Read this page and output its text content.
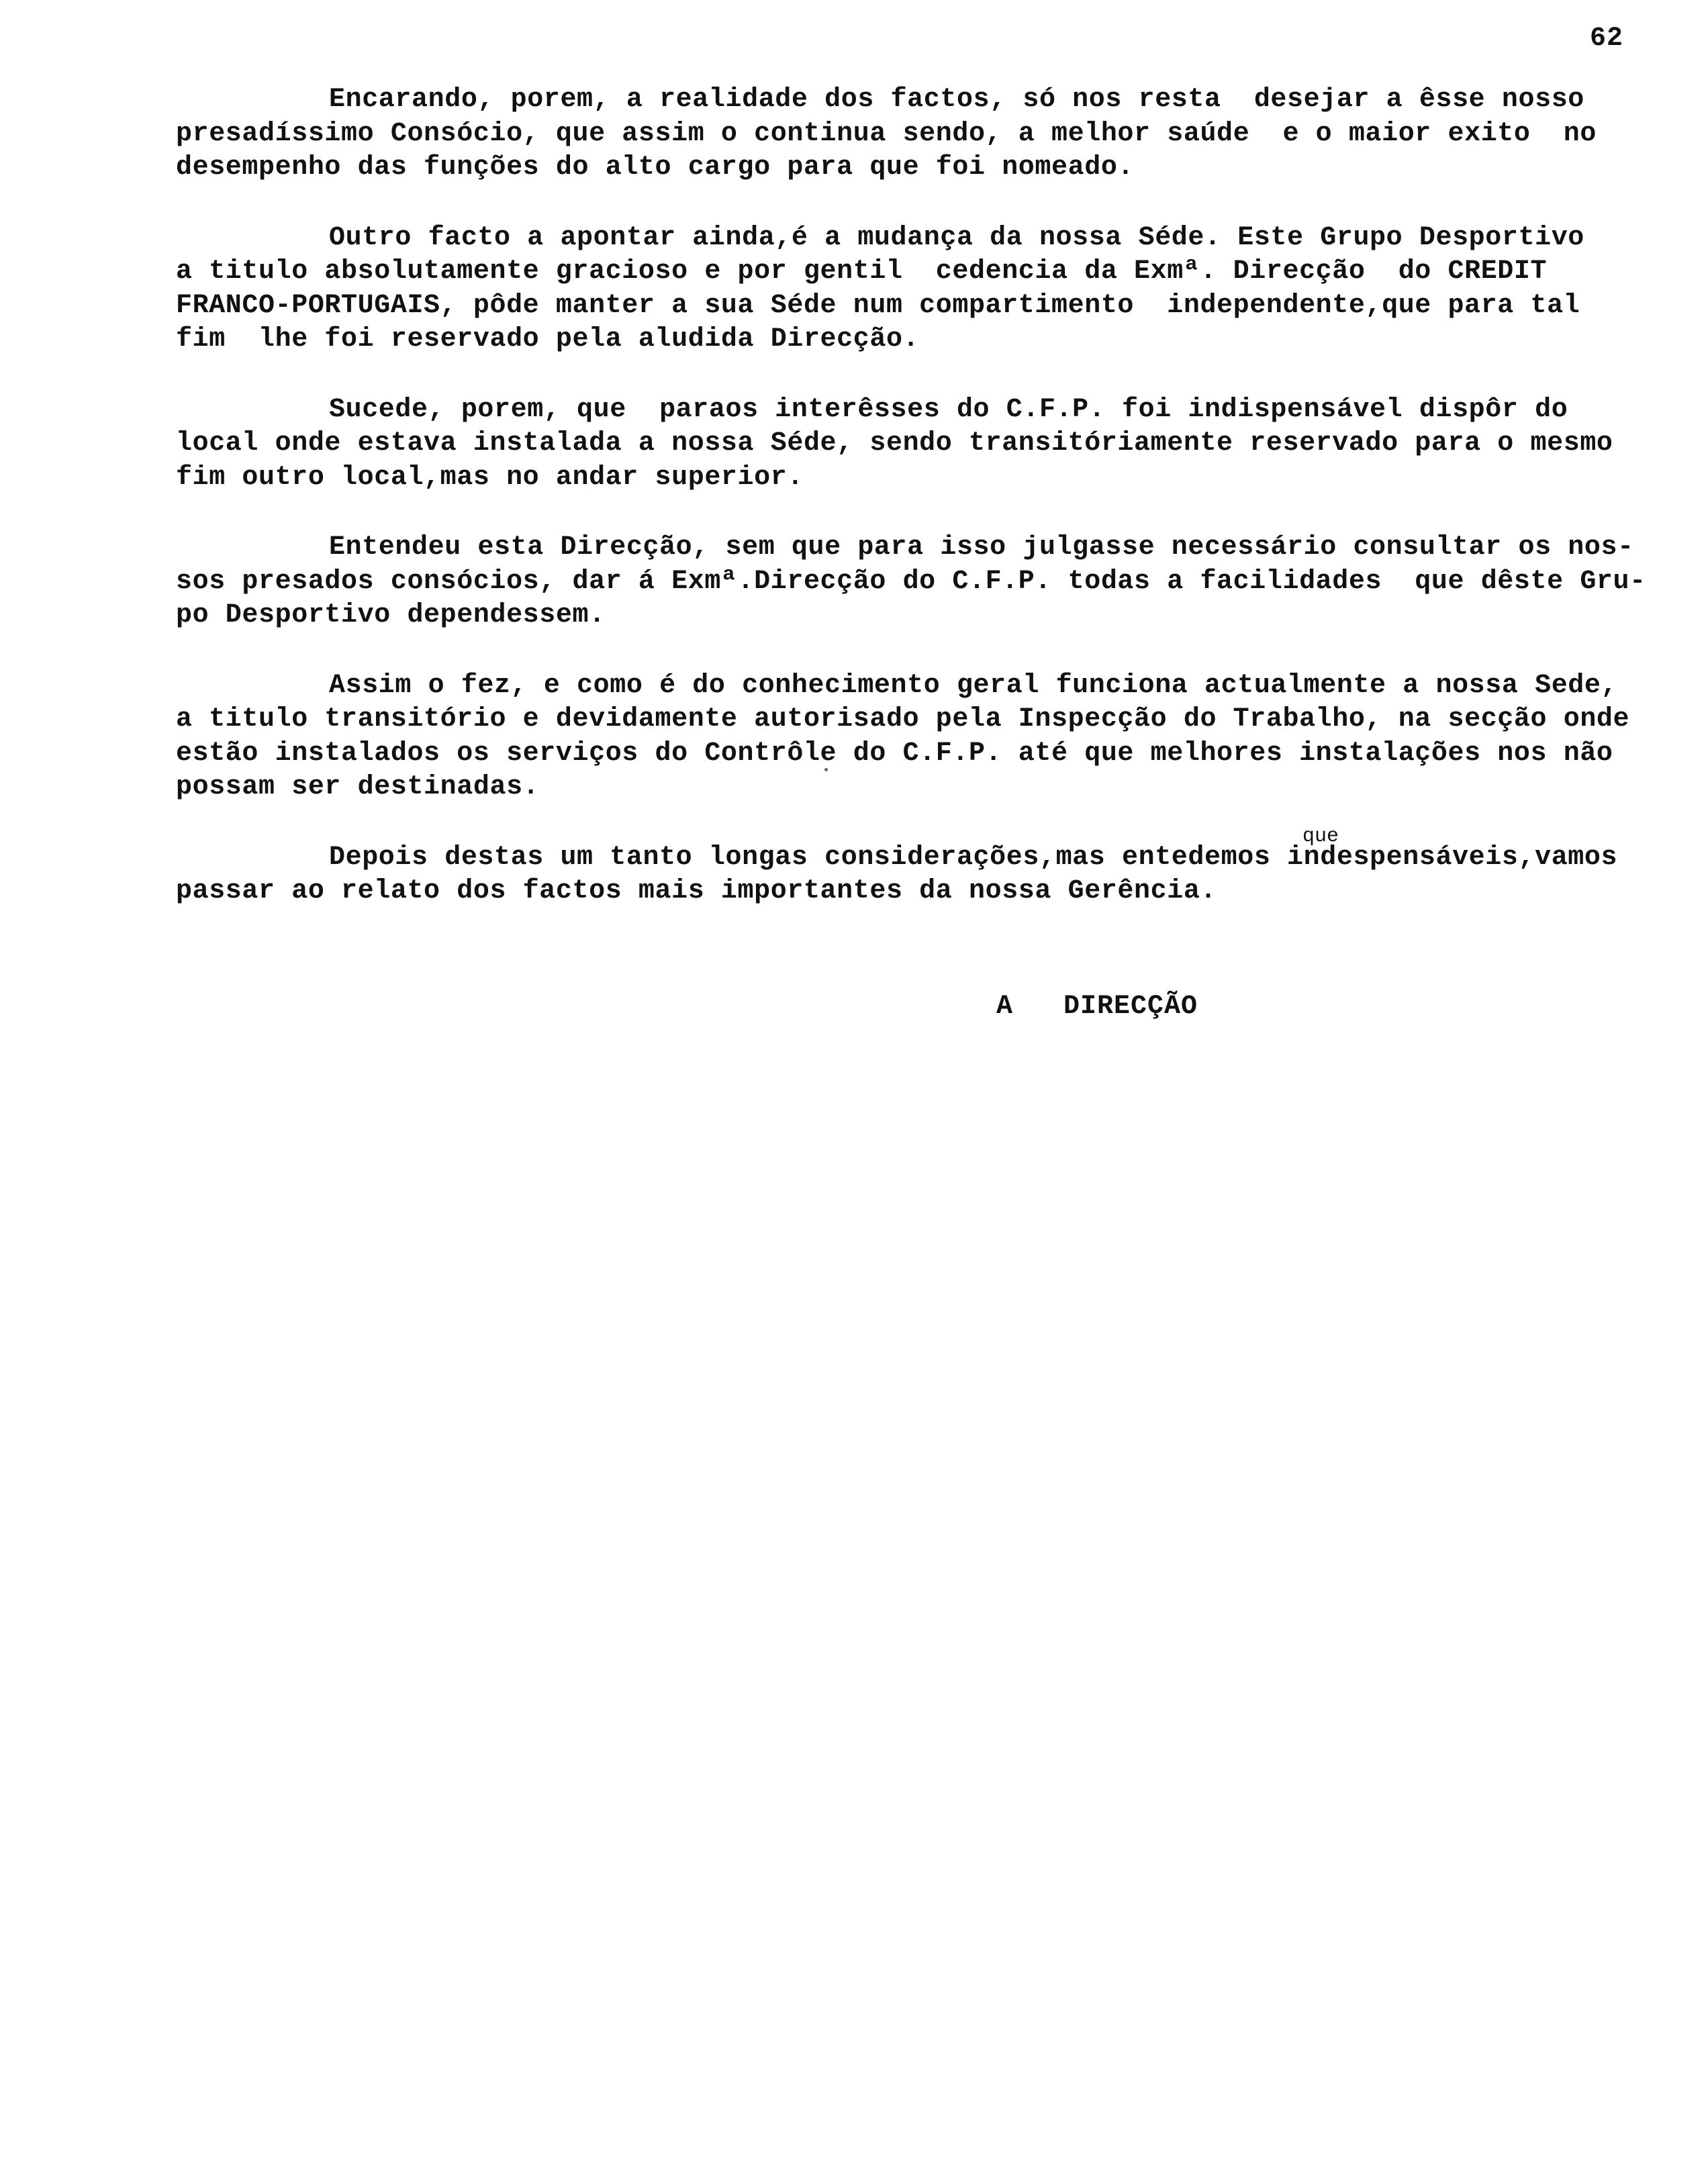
62
Encarando, porem, a realidade dos factos, só nos resta  desejar a êsse nosso
presadíssimo Consócio, que assim o continua sendo, a melhor saúde  e o maior exito  no
desempenho das funções do alto cargo para que foi nomeado.
Outro facto a apontar ainda,é a mudança da nossa Séde. Este Grupo Desportivo
a titulo absolutamente gracioso e por gentil  cedencia da Exmª. Direcção  do CREDIT
FRANCO-PORTUGAIS, pôde manter a sua Séde num compartimento  independente,que para tal
fim  lhe foi reservado pela aludida Direcção.
Sucede, porem, que  paraos interêsses do C.F.P. foi indispensável dispôr do
local onde estava instalada a nossa Séde, sendo transitóriamente reservado para o mesmo
fim outro local,mas no andar superior.
Entendeu esta Direcção, sem que para isso julgasse necessário consultar os nos-
sos presados consócios, dar á Exmª.Direcção do C.F.P. todas a facilidades  que dêste Gru-
po Desportivo dependessem.
Assim o fez, e como é do conhecimento geral funciona actualmente a nossa Sede,
a titulo transitório e devidamente autorisado pela Inspecção do Trabalho, na secção onde
estão instalados os serviços do Contrôle do C.F.P. até que melhores instalações nos não
possam ser destinadas.
que
Depois destas um tanto longas considerações,mas entedemos indespensáveis,vamos
passar ao relato dos factos mais importantes da nossa Gerência.
A   DIRECÇÃO
